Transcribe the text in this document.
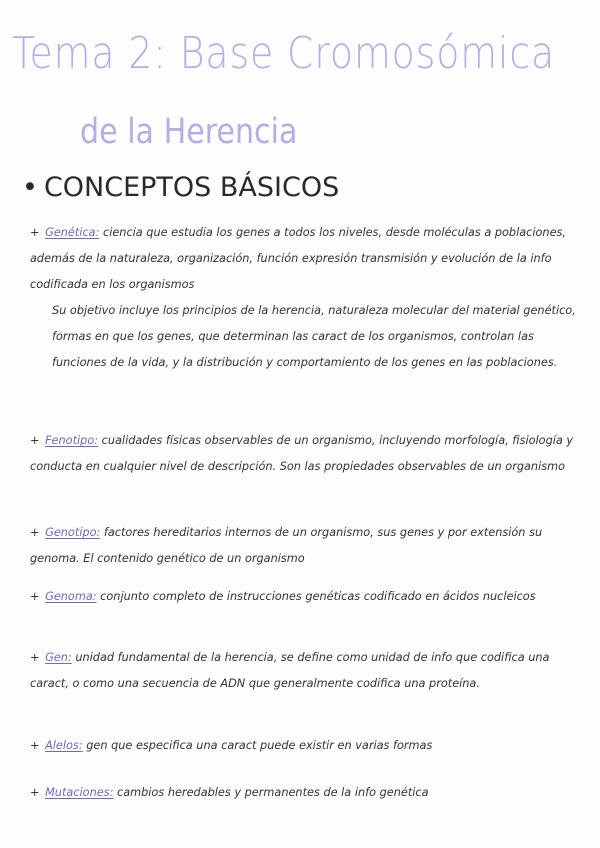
Tema 2: Base Cromosómica
de la Herencia
• CONCEPTOS BÁSICOS
+ Genética: ciencia que estudia los genes a todos los niveles, desde moléculas a poblaciones, además de la naturaleza, organización, función expresión transmisión y evolución de la info codificada en los organismos
Su objetivo incluye los principios de la herencia, naturaleza molecular del material genético, formas en que los genes, que determinan las caract de los organismos, controlan las funciones de la vida, y la distribución y comportamiento de los genes en las poblaciones.
+ Fenotipo: cualidades físicas observables de un organismo, incluyendo morfología, fisiología y conducta en cualquier nivel de descripción. Son las propiedades observables de un organismo
+ Genotipo: factores hereditarios internos de un organismo, sus genes y por extensión su genoma. El contenido genético de un organismo
+ Genoma: conjunto completo de instrucciones genéticas codificado en ácidos nucleicos
+ Gen: unidad fundamental de la herencia, se define como unidad de info que codifica una caract, o como una secuencia de ADN que generalmente codifica una proteína.
+ Alelos: gen que especifica una caract puede existir en varias formas
+ Mutaciones: cambios heredables y permanentes de la info genética
